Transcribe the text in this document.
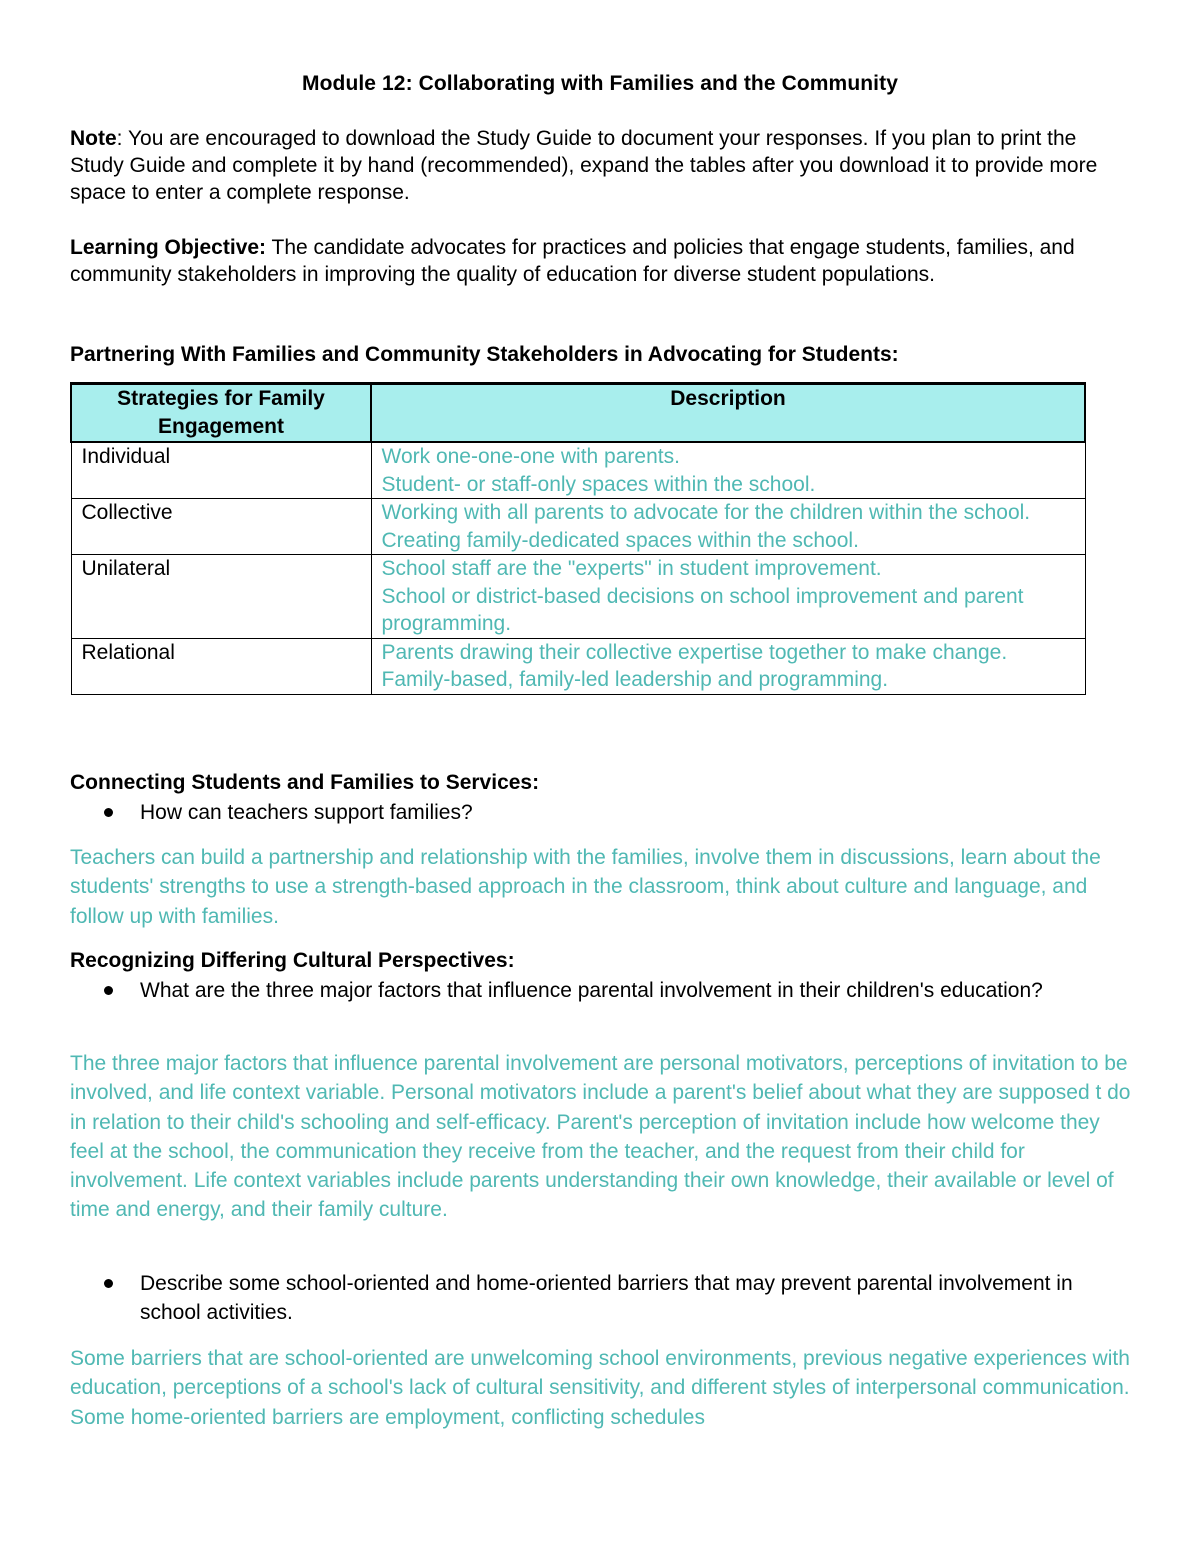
Module 12: Collaborating with Families and the Community
Note: You are encouraged to download the Study Guide to document your responses. If you plan to print the Study Guide and complete it by hand (recommended), expand the tables after you download it to provide more space to enter a complete response.
Learning Objective: The candidate advocates for practices and policies that engage students, families, and community stakeholders in improving the quality of education for diverse student populations.
Partnering With Families and Community Stakeholders in Advocating for Students:
Strategies for Family Engagement	Description
Individual	Work one-one-one with parents.
Student- or staff-only spaces within the school.

Collective	Working with all parents to advocate for the children within the school.
Creating family-dedicated spaces within the school.

Unilateral	School staff are the "experts" in student improvement.
School or district-based decisions on school improvement and parent programming.

Relational	Parents drawing their collective expertise together to make change.
Family-based, family-led leadership and programming.
Connecting Students and Families to Services:
How can teachers support families?
Teachers can build a partnership and relationship with the families, involve them in discussions, learn about the students' strengths to use a strength-based approach in the classroom, think about culture and language, and follow up with families.
Recognizing Differing Cultural Perspectives:
What are the three major factors that influence parental involvement in their children's education?
The three major factors that influence parental involvement are personal motivators, perceptions of invitation to be involved, and life context variable. Personal motivators include a parent's belief about what they are supposed t do in relation to their child's schooling and self-efficacy. Parent's perception of invitation include how welcome they feel at the school, the communication they receive from the teacher, and the request from their child for involvement. Life context variables include parents understanding their own knowledge, their available or level of time and energy, and their family culture.
Describe some school-oriented and home-oriented barriers that may prevent parental involvement in school activities.
Some barriers that are school-oriented are unwelcoming school environments, previous negative experiences with education, perceptions of a school's lack of cultural sensitivity, and different styles of interpersonal communication. Some home-oriented barriers are employment, conflicting schedules
